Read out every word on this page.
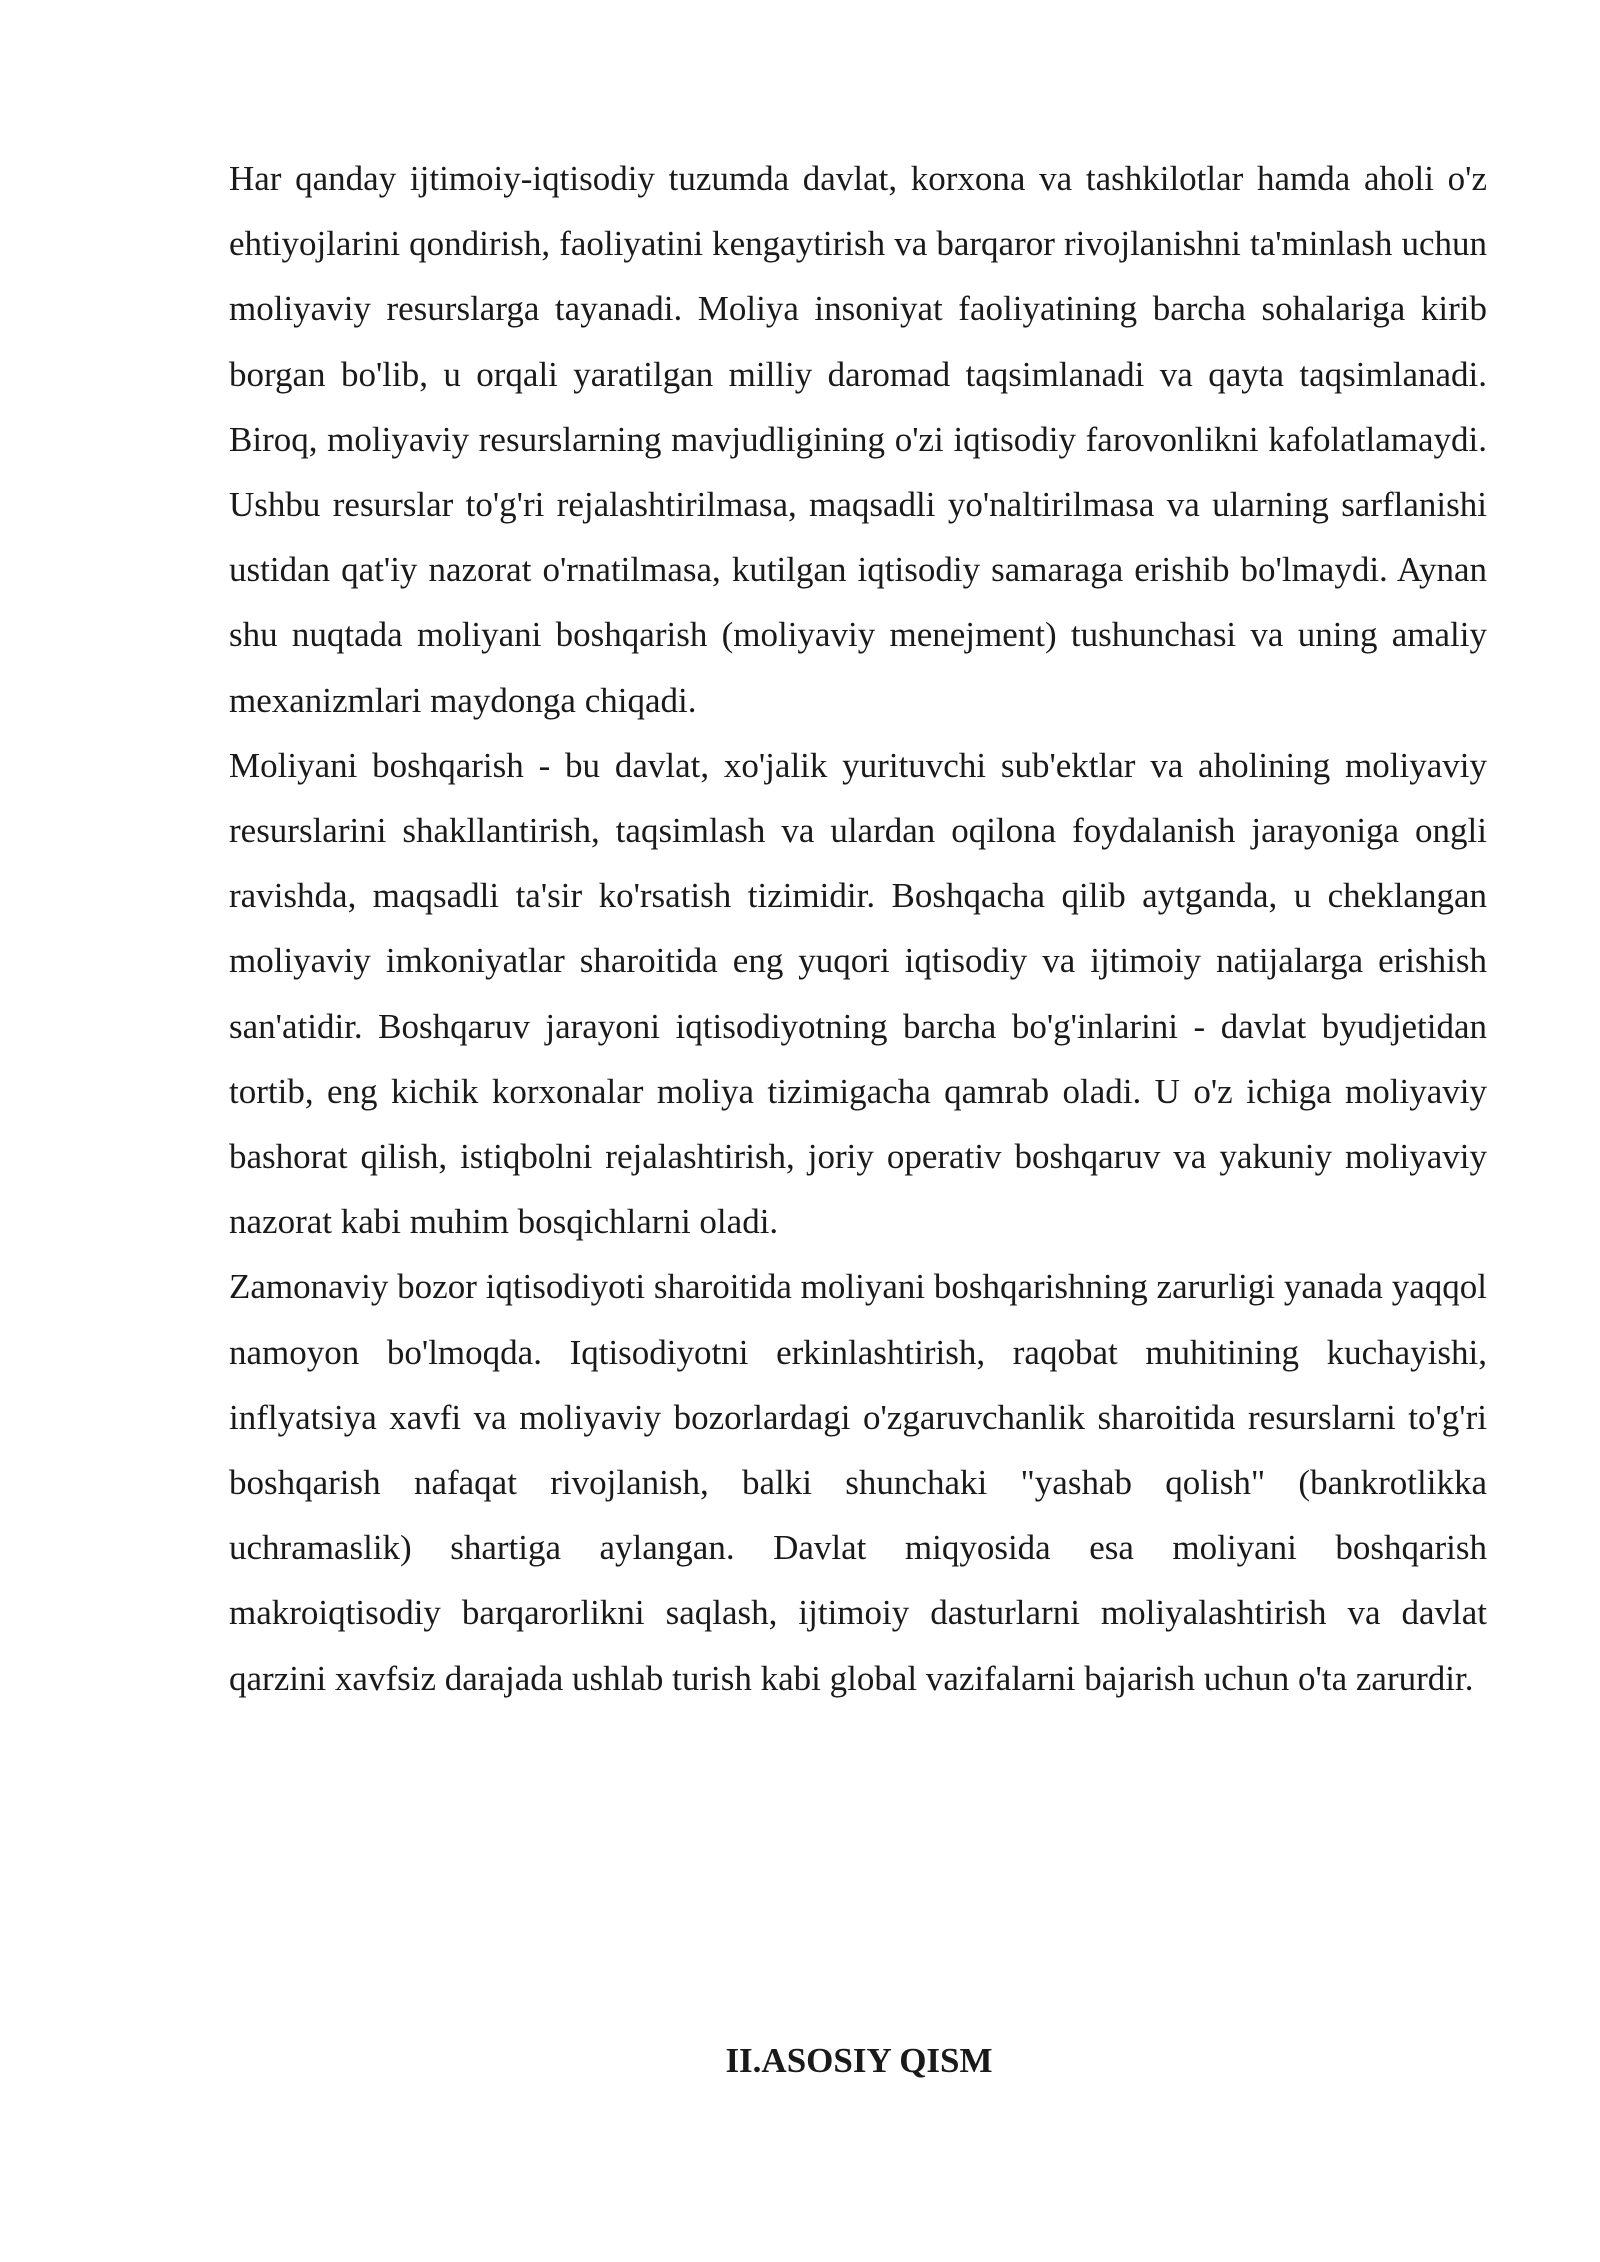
Har qanday ijtimoiy-iqtisodiy tuzumda davlat, korxona va tashkilotlar hamda aholi o'z ehtiyojlarini qondirish, faoliyatini kengaytirish va barqaror rivojlanishni ta'minlash uchun moliyaviy resurslarga tayanadi. Moliya insoniyat faoliyatining barcha sohalariga kirib borgan bo'lib, u orqali yaratilgan milliy daromad taqsimlanadi va qayta taqsimlanadi. Biroq, moliyaviy resurslarning mavjudligining o'zi iqtisodiy farovonlikni kafolatlamaydi. Ushbu resurslar to'g'ri rejalashtirilmasa, maqsadli yo'naltirilmasa va ularning sarflanishi ustidan qat'iy nazorat o'rnatilmasa, kutilgan iqtisodiy samaraga erishib bo'lmaydi. Aynan shu nuqtada moliyani boshqarish (moliyaviy menejment) tushunchasi va uning amaliy mexanizmlari maydonga chiqadi.

Moliyani boshqarish - bu davlat, xo'jalik yurituvchi sub'ektlar va aholining moliyaviy resurslarini shakllantirish, taqsimlash va ulardan oqilona foydalanish jarayoniga ongli ravishda, maqsadli ta'sir ko'rsatish tizimidir. Boshqacha qilib aytganda, u cheklangan moliyaviy imkoniyatlar sharoitida eng yuqori iqtisodiy va ijtimoiy natijalarga erishish san'atidir. Boshqaruv jarayoni iqtisodiyotning barcha bo'g'inlarini - davlat byudjetidan tortib, eng kichik korxonalar moliya tizimigacha qamrab oladi. U o'z ichiga moliyaviy bashorat qilish, istiqbolni rejalashtirish, joriy operativ boshqaruv va yakuniy moliyaviy nazorat kabi muhim bosqichlarni oladi.

Zamonaviy bozor iqtisodiyoti sharoitida moliyani boshqarishning zarurligi yanada yaqqol namoyon bo'lmoqda. Iqtisodiyotni erkinlashtirish, raqobat muhitining kuchayishi, inflyatsiya xavfi va moliyaviy bozorlardagi o'zgaruvchanlik sharoitida resurslarni to'g'ri boshqarish nafaqat rivojlanish, balki shunchaki "yashab qolish" (bankrotlikka uchramaslik) shartiga aylangan. Davlat miqyosida esa moliyani boshqarish makroiqtisodiy barqarorlikni saqlash, ijtimoiy dasturlarni moliyalashtirish va davlat qarzini xavfsiz darajada ushlab turish kabi global vazifalarni bajarish uchun o'ta zarurdir.

II.ASOSIY QISM
